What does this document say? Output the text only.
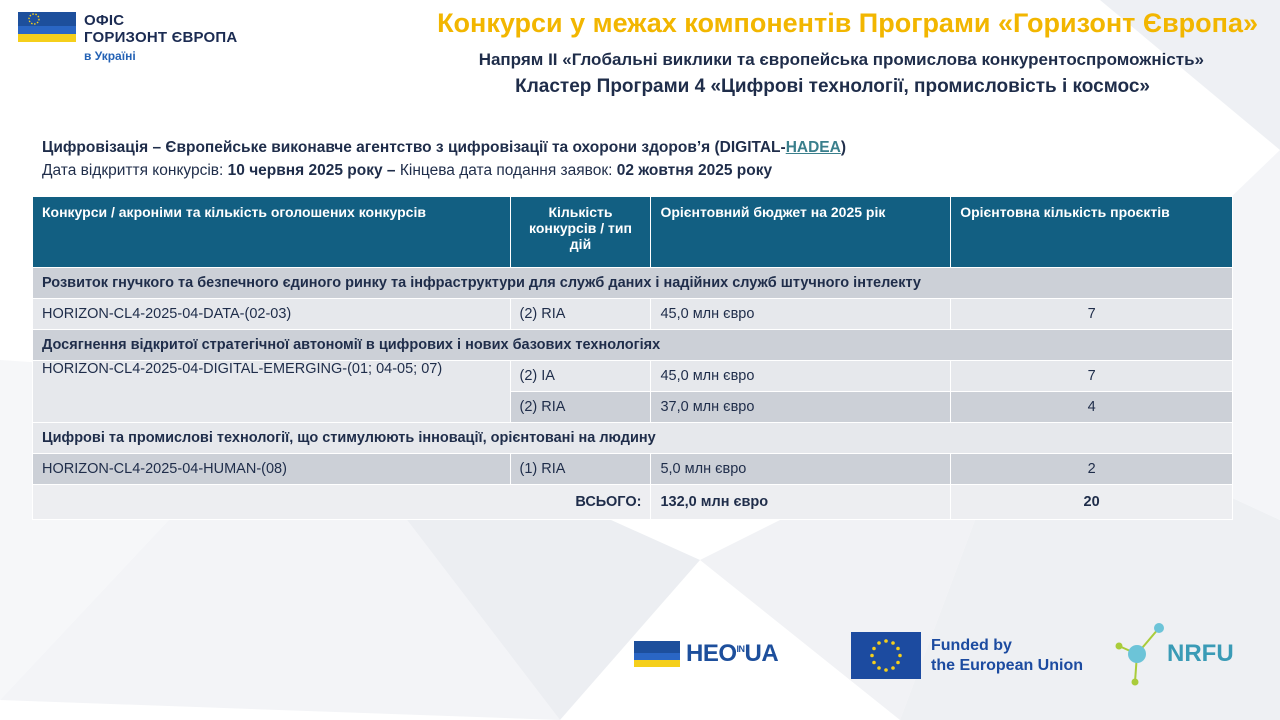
ОФІС
ГОРИЗОНТ ЄВРОПА
в Україні
Конкурси у межах компонентів Програми «Горизонт Європа»
Напрям ІІ «Глобальні виклики та європейська промислова конкурентоспроможність»
Кластер Програми 4 «Цифрові технології, промисловість і космос»
Цифровізація – Європейське виконавче агентство з цифровізації та охорони здоров’я (DIGITAL-HADEA)
Дата відкриття конкурсів: 10 червня 2025 року – Кінцева дата подання заявок: 02 жовтня 2025 року
Конкурси / акроніми та кількість оголошених конкурсів	Кількість конкурсів / тип дій	Орієнтовний бюджет на 2025 рік	Орієнтовна кількість проєктів
Розвиток гнучкого та безпечного єдиного ринку та інфраструктури для служб даних і надійних служб штучного інтелекту			
HORIZON-CL4-2025-04-DATA-(02-03)	(2) RIA	45,0 млн євро	7
Досягнення відкритої стратегічної автономії в цифрових і нових базових технологіях			
HORIZON-CL4-2025-04-DIGITAL-EMERGING-(01; 04-05; 07)	(2) IA	45,0 млн євро	7
	(2) RIA	37,0 млн євро	4
Цифрові та промислові технології, що стимулюють інновації, орієнтовані на людину			
HORIZON-CL4-2025-04-HUMAN-(08)	(1) RIA	5,0 млн євро	2
ВСЬОГО:		132,0 млн євро	20
$HEO^{IN}UA$	Funded by
the European Union	NRFU
